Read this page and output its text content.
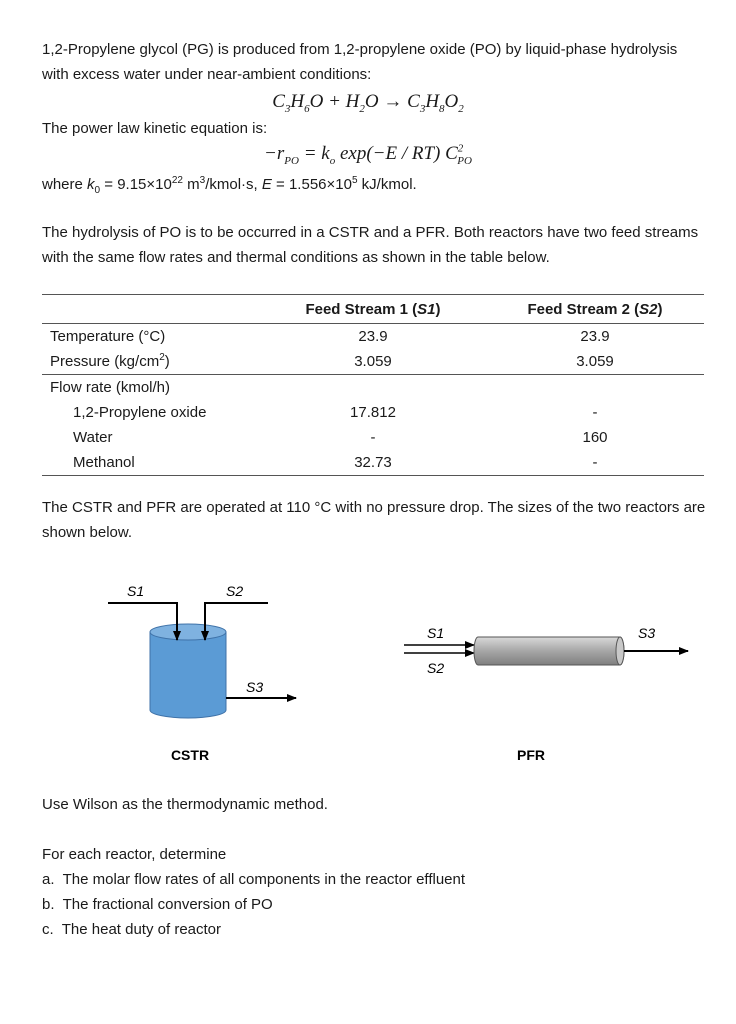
1,2-Propylene glycol (PG) is produced from 1,2-propylene oxide (PO) by liquid-phase hydrolysis with excess water under near-ambient conditions:

$C_3H_6O + H_2O \to C_3H_8O_2$

The power law kinetic equation is:

$-r_{PO} = k_o$ exp(−E / RT) $C^2_{PO}$

where $k_0 = 9.15\times 10^{22}$ $m^3/kmol\cdot s$, $E = 1.556\times 10^5$ kJ/kmol.

The hydrolysis of PO is to be occurred in a CSTR and a PFR. Both reactors have two feed streams with the same flow rates and thermal conditions as shown in the table below.

	Feed Stream 1 (S1)	Feed Stream 2 (S2)
Temperature (°C)	23.9	23.9
Pressure $(kg/cm^2)$	3.059	3.059
Flow rate (kmol/h)		
1,2-Propylene oxide	17.812	-
Water	-	160
Methanol	32.73	-

The CSTR and PFR are operated at 110 °C with no pressure drop. The sizes of the two reactors are shown below.

S1	S2
S3
CSTR
S1
S2
S3
PFR

Use Wilson as the thermodynamic method.

For each reactor, determine

a. The molar flow rates of all components in the reactor effluent
b. The fractional conversion of PO
c. The heat duty of reactor
